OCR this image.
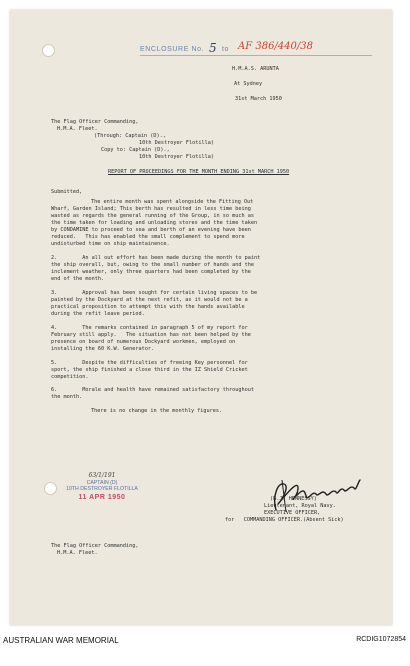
ENCLOSURE No. 5 to AF 386/440/38
H.M.A.S. ARUNTA
At Sydney
31st March 1950
The Flag Officer Commanding,
H.M.A. Fleet.
(Through: Captain (D).,
10th Destroyer Flotilla)
Copy to: Captain (D).,
10th Destroyer Flotilla)
REPORT OF PROCEEDINGS FOR THE MONTH ENDING 31st MARCH 1950
Submitted,
The entire month was spent alongside the Fitting Out
Wharf, Garden Island; This berth has resulted in less time being
wasted as regards the general running of the Group, in so much as
the time taken for loading and unloading stores and the time taken
by CONDAMINE to proceed to sea and berth of an evening have been
reduced.   This has enabled the small complement to spend more
undisturbed time on ship maintainence.
2.        An all out effort has been made during the month to paint
the ship overall, but, owing to the small number of hands and the
inclement weather, only three quarters had been completed by the
end of the month.
3.        Approval has been sought for certain living spaces to be
painted by the Dockyard at the next refit, as it would not be a
practical proposition to attempt this with the hands available
during the refit leave period.
4.        The remarks contained in paragraph 5 of my report for
February still apply.   The situation has not been helped by the
presence on board of numerous Dockyard workmen, employed on
installing the 60 K.W. Generator.
5.        Despite the difficulties of freeing Key personnel for
sport, the ship finished a close third in the IZ Shield Cricket
competition.
6.        Morale and health have remained satisfactory throughout
the month.
There is no change in the monthly figures.
(B.J. HENNESSY)
Lieutenant, Royal Navy.
EXECUTIVE OFFICER,
for   COMMANDING OFFICER.(Absent Sick)
63/1/191
CAPTAIN (D)
10TH DESTROYER FLOTILLA
11 APR 1950
The Flag Officer Commanding,
H.M.A. Fleet.
AUSTRALIAN WAR MEMORIAL	RCDIG1072854
